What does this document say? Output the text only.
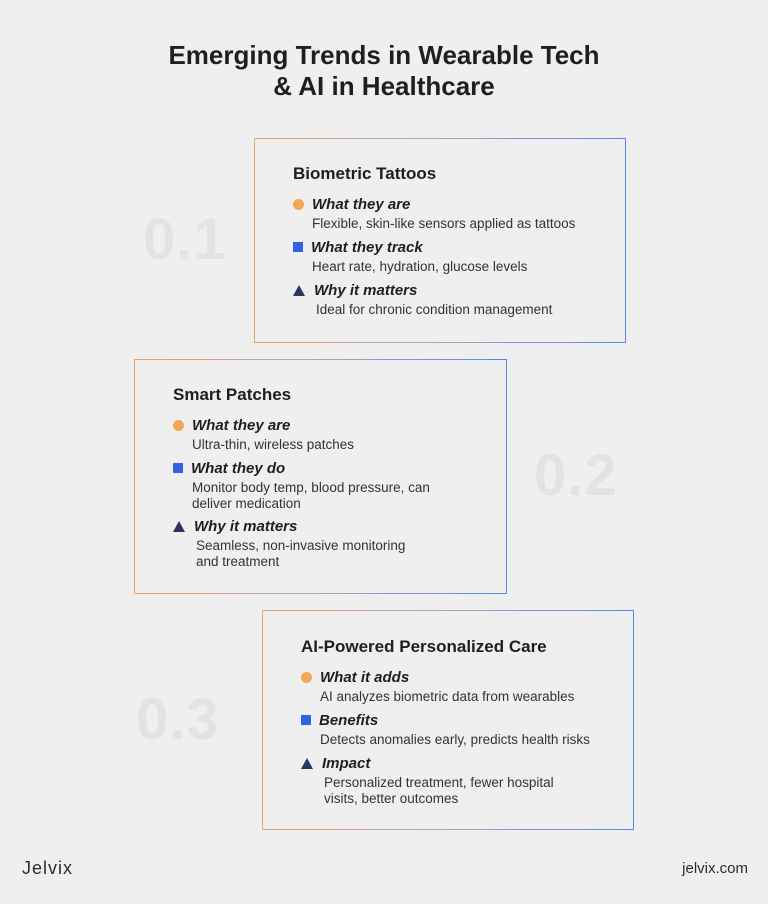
Emerging Trends in Wearable Tech
& AI in Healthcare
0.1
Biometric Tattoos
What they are
Flexible, skin-like sensors applied as tattoos
What they track
Heart rate, hydration, glucose levels
Why it matters
Ideal for chronic condition management
0.2
Smart Patches
What they are
Ultra-thin, wireless patches
What they do
Monitor body temp, blood pressure, can
deliver medication
Why it matters
Seamless, non-invasive monitoring
and treatment
0.3
AI-Powered Personalized Care
What it adds
AI analyzes biometric data from wearables
Benefits
Detects anomalies early, predicts health risks
Impact
Personalized treatment, fewer hospital
visits, better outcomes
Jelvix	jelvix.com
